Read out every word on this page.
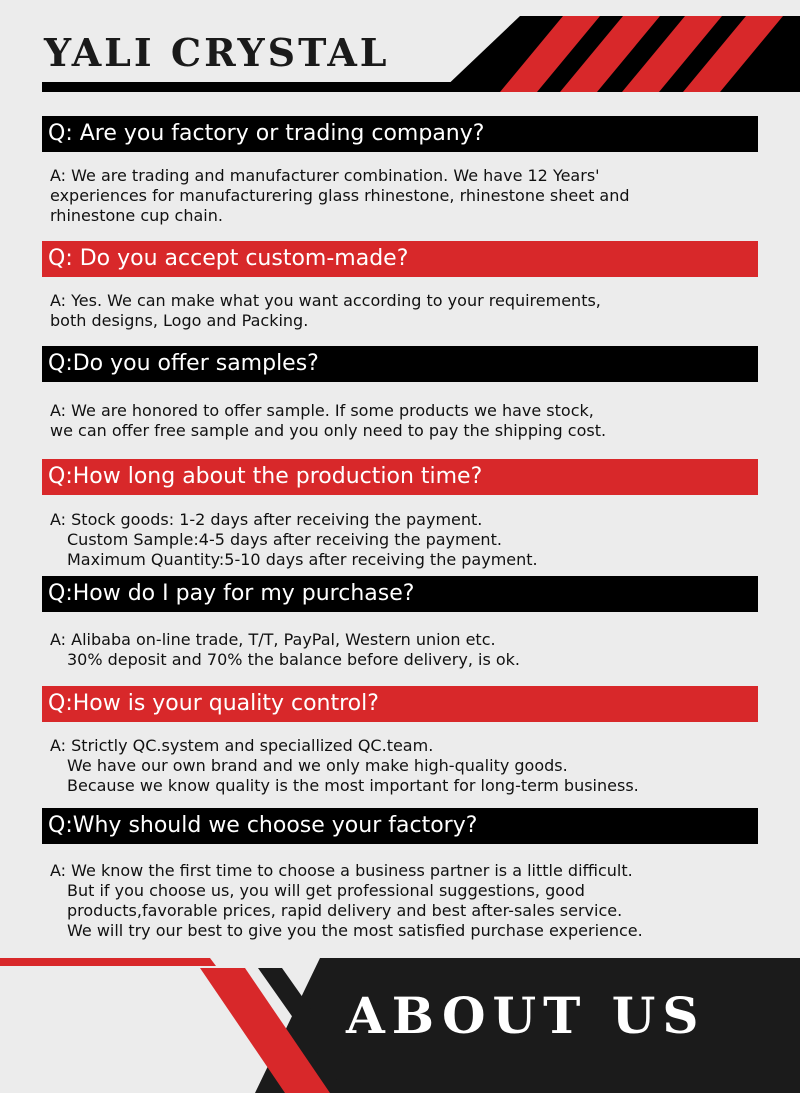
YALI CRYSTAL
Q: Are you factory or trading company?
A: We are trading and manufacturer combination. We have 12 Years'
experiences for manufacturering glass rhinestone, rhinestone sheet and
rhinestone cup chain.
Q: Do you accept custom-made?
A: Yes. We can make what you want according to your requirements,
both designs, Logo and Packing.
Q:Do you offer samples?
A: We are honored to offer sample. If some products we have stock,
we can offer free sample and you only need to pay the shipping cost.
Q:How long about the production time?
A: Stock goods: 1-2 days after receiving the payment.
Custom Sample:4-5 days after receiving the payment.
Maximum Quantity:5-10 days after receiving the payment.
Q:How do I pay for my purchase?
A: Alibaba on-line trade, T/T, PayPal, Western union etc.
30% deposit and 70% the balance before delivery, is ok.
Q:How is your quality control?
A: Strictly QC.system and speciallized QC.team.
We have our own brand and we only make high-quality goods.
Because we know quality is the most important for long-term business.
Q:Why should we choose your factory?
A: We know the first time to choose a business partner is a little difficult.
But if you choose us, you will get professional suggestions, good
products,favorable prices, rapid delivery and best after-sales service.
We will try our best to give you the most satisfied purchase experience.
ABOUT US
